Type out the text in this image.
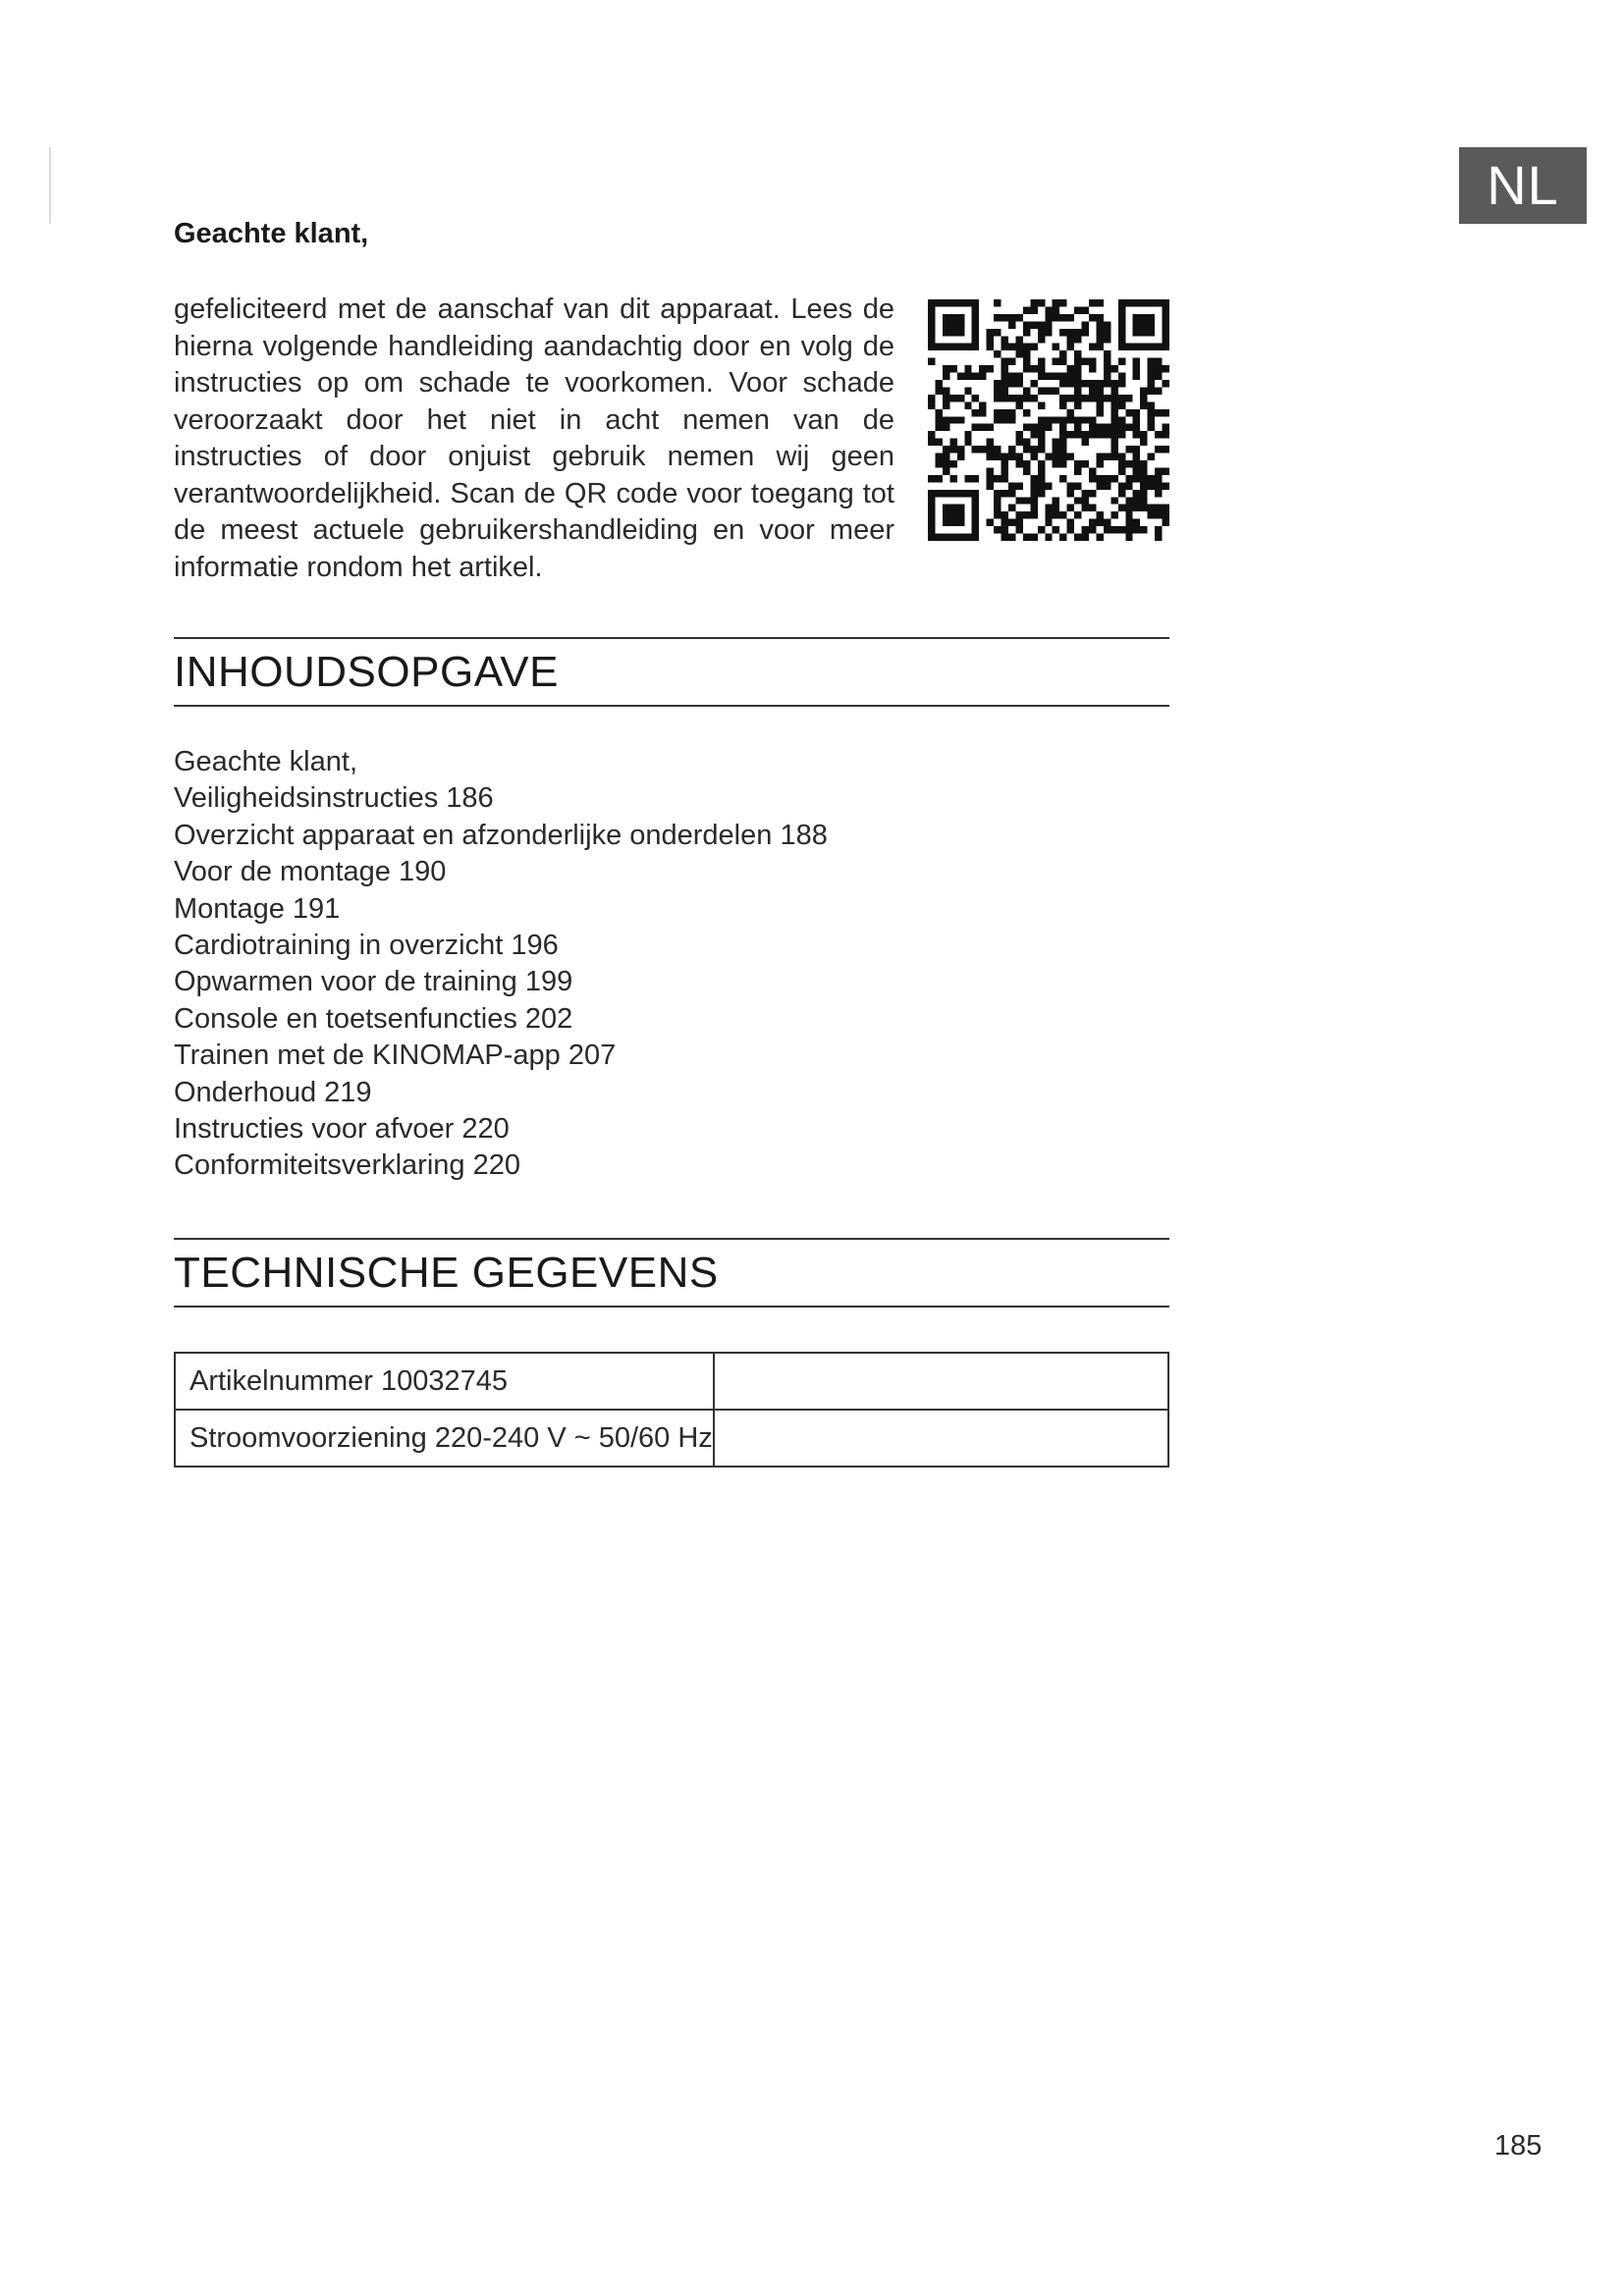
NL
Geachte klant,
gefeliciteerd met de aanschaf van dit apparaat. Lees de hierna volgende handleiding aandachtig door en volg de instructies op om schade te voorkomen. Voor schade veroorzaakt door het niet in acht nemen van de instructies of door onjuist gebruik nemen wij geen verantwoordelijkheid. Scan de QR code voor toegang tot de meest actuele gebruikershandleiding en voor meer informatie rondom het artikel.
INHOUDSOPGAVE
Geachte klant,
Veiligheidsinstructies 186
Overzicht apparaat en afzonderlijke onderdelen 188
Voor de montage 190
Montage 191
Cardiotraining in overzicht 196
Opwarmen voor de training 199
Console en toetsenfuncties 202
Trainen met de KINOMAP-app 207
Onderhoud 219
Instructies voor afvoer 220
Conformiteitsverklaring 220
TECHNISCHE GEGEVENS
Artikelnummer 10032745	
Stroomvoorziening 220-240 V ~ 50/60 Hz	
185
